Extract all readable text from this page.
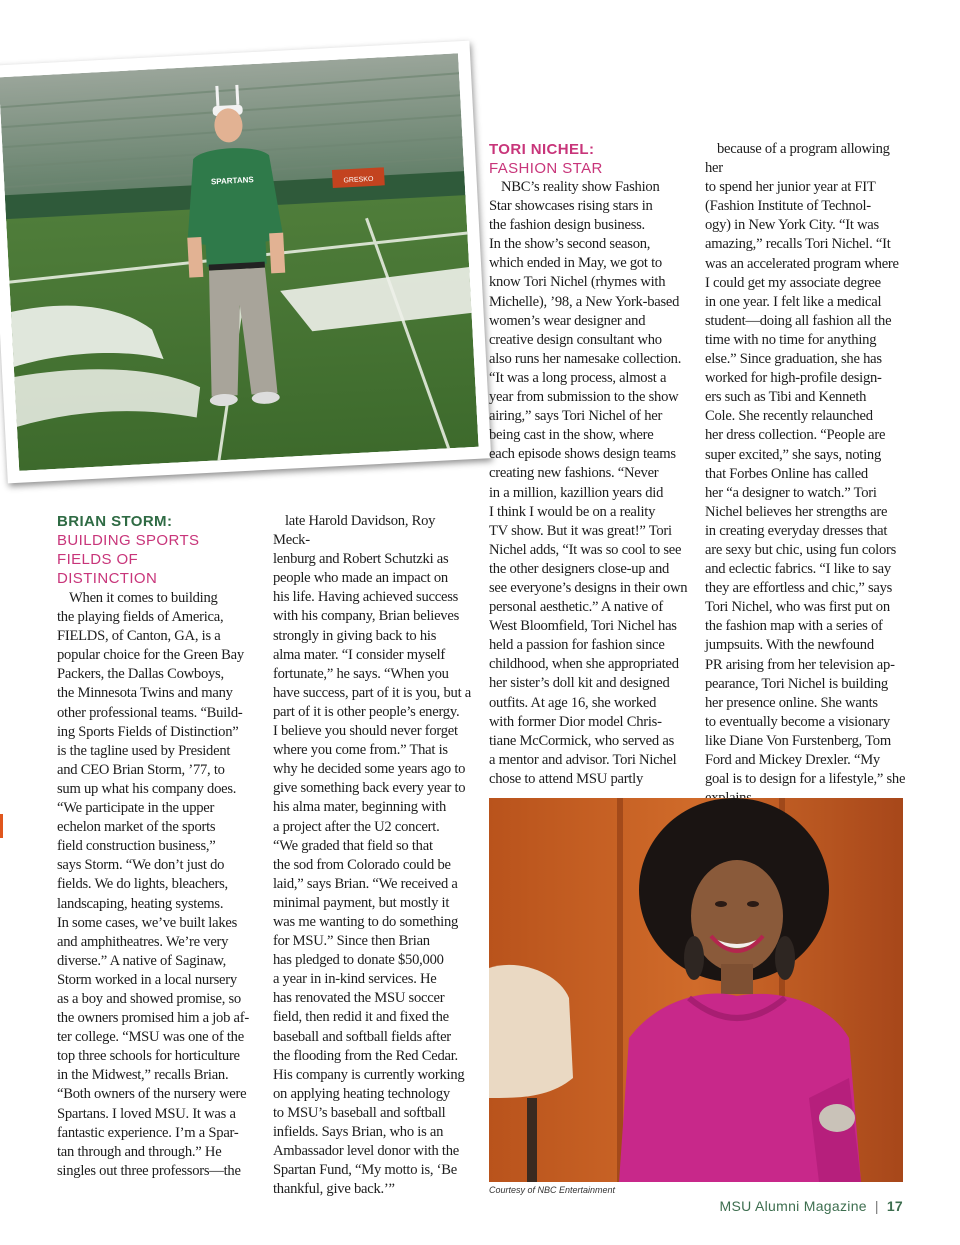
GRESKO
SPARTANS
BRIAN STORM:
BUILDING SPORTS
FIELDS OF
DISTINCTION
When it comes to building
the playing fields of America,
FIELDS, of Canton, GA, is a
popular choice for the Green Bay
Packers, the Dallas Cowboys,
the Minnesota Twins and many
other professional teams. “Build-
ing Sports Fields of Distinction”
is the tagline used by President
and CEO Brian Storm, ’77, to
sum up what his company does.
“We participate in the upper
echelon market of the sports
field construction business,”
says Storm. “We don’t just do
fields. We do lights, bleachers,
landscaping, heating systems.
In some cases, we’ve built lakes
and amphitheatres. We’re very
diverse.” A native of Saginaw,
Storm worked in a local nursery
as a boy and showed promise, so
the owners promised him a job af-
ter college. “MSU was one of the
top three schools for horticulture
in the Midwest,” recalls Brian.
“Both owners of the nursery were
Spartans. I loved MSU. It was a
fantastic experience. I’m a Spar-
tan through and through.” He
singles out three professors—the
late Harold Davidson, Roy Meck-
lenburg and Robert Schutzki as
people who made an impact on
his life. Having achieved success
with his company, Brian believes
strongly in giving back to his
alma mater. “I consider myself
fortunate,” he says. “When you
have success, part of it is you, but a
part of it is other people’s energy.
I believe you should never forget
where you come from.” That is
why he decided some years ago to
give something back every year to
his alma mater, beginning with
a project after the U2 concert.
“We graded that field so that
the sod from Colorado could be
laid,” says Brian. “We received a
minimal payment, but mostly it
was me wanting to do something
for MSU.” Since then Brian
has pledged to donate $50,000
a year in in-kind services. He
has renovated the MSU soccer
field, then redid it and fixed the
baseball and softball fields after
the flooding from the Red Cedar.
His company is currently working
on applying heating technology
to MSU’s baseball and softball
infields. Says Brian, who is an
Ambassador level donor with the
Spartan Fund, “My motto is, ‘Be
thankful, give back.’”
TORI NICHEL:
FASHION STAR
NBC’s reality show Fashion
Star showcases rising stars in
the fashion design business.
In the show’s second season,
which ended in May, we got to
know Tori Nichel (rhymes with
Michelle), ’98, a New York-based
women’s wear designer and
creative design consultant who
also runs her namesake collection.
“It was a long process, almost a
year from submission to the show
airing,” says Tori Nichel of her
being cast in the show, where
each episode shows design teams
creating new fashions. “Never
in a million, kazillion years did
I think I would be on a reality
TV show. But it was great!” Tori
Nichel adds, “It was so cool to see
the other designers close-up and
see everyone’s designs in their own
personal aesthetic.” A native of
West Bloomfield, Tori Nichel has
held a passion for fashion since
childhood, when she appropriated
her sister’s doll kit and designed
outfits. At age 16, she worked
with former Dior model Chris-
tiane McCormick, who served as
a mentor and advisor. Tori Nichel
chose to attend MSU partly
because of a program allowing her
to spend her junior year at FIT
(Fashion Institute of Technol-
ogy) in New York City. “It was
amazing,” recalls Tori Nichel. “It
was an accelerated program where
I could get my associate degree
in one year. I felt like a medical
student—doing all fashion all the
time with no time for anything
else.” Since graduation, she has
worked for high-profile design-
ers such as Tibi and Kenneth
Cole. She recently relaunched
her dress collection. “People are
super excited,” she says, noting
that Forbes Online has called
her “a designer to watch.” Tori
Nichel believes her strengths are
in creating everyday dresses that
are sexy but chic, using fun colors
and eclectic fabrics. “I like to say
they are effortless and chic,” says
Tori Nichel, who was first put on
the fashion map with a series of
jumpsuits. With the newfound
PR arising from her television ap-
pearance, Tori Nichel is building
her presence online. She wants
to eventually become a visionary
like Diane Von Furstenberg, Tom
Ford and Mickey Drexler. “My
goal is to design for a lifestyle,” she
Courtesy of NBC Entertainment
MSU Alumni Magazine | 17
